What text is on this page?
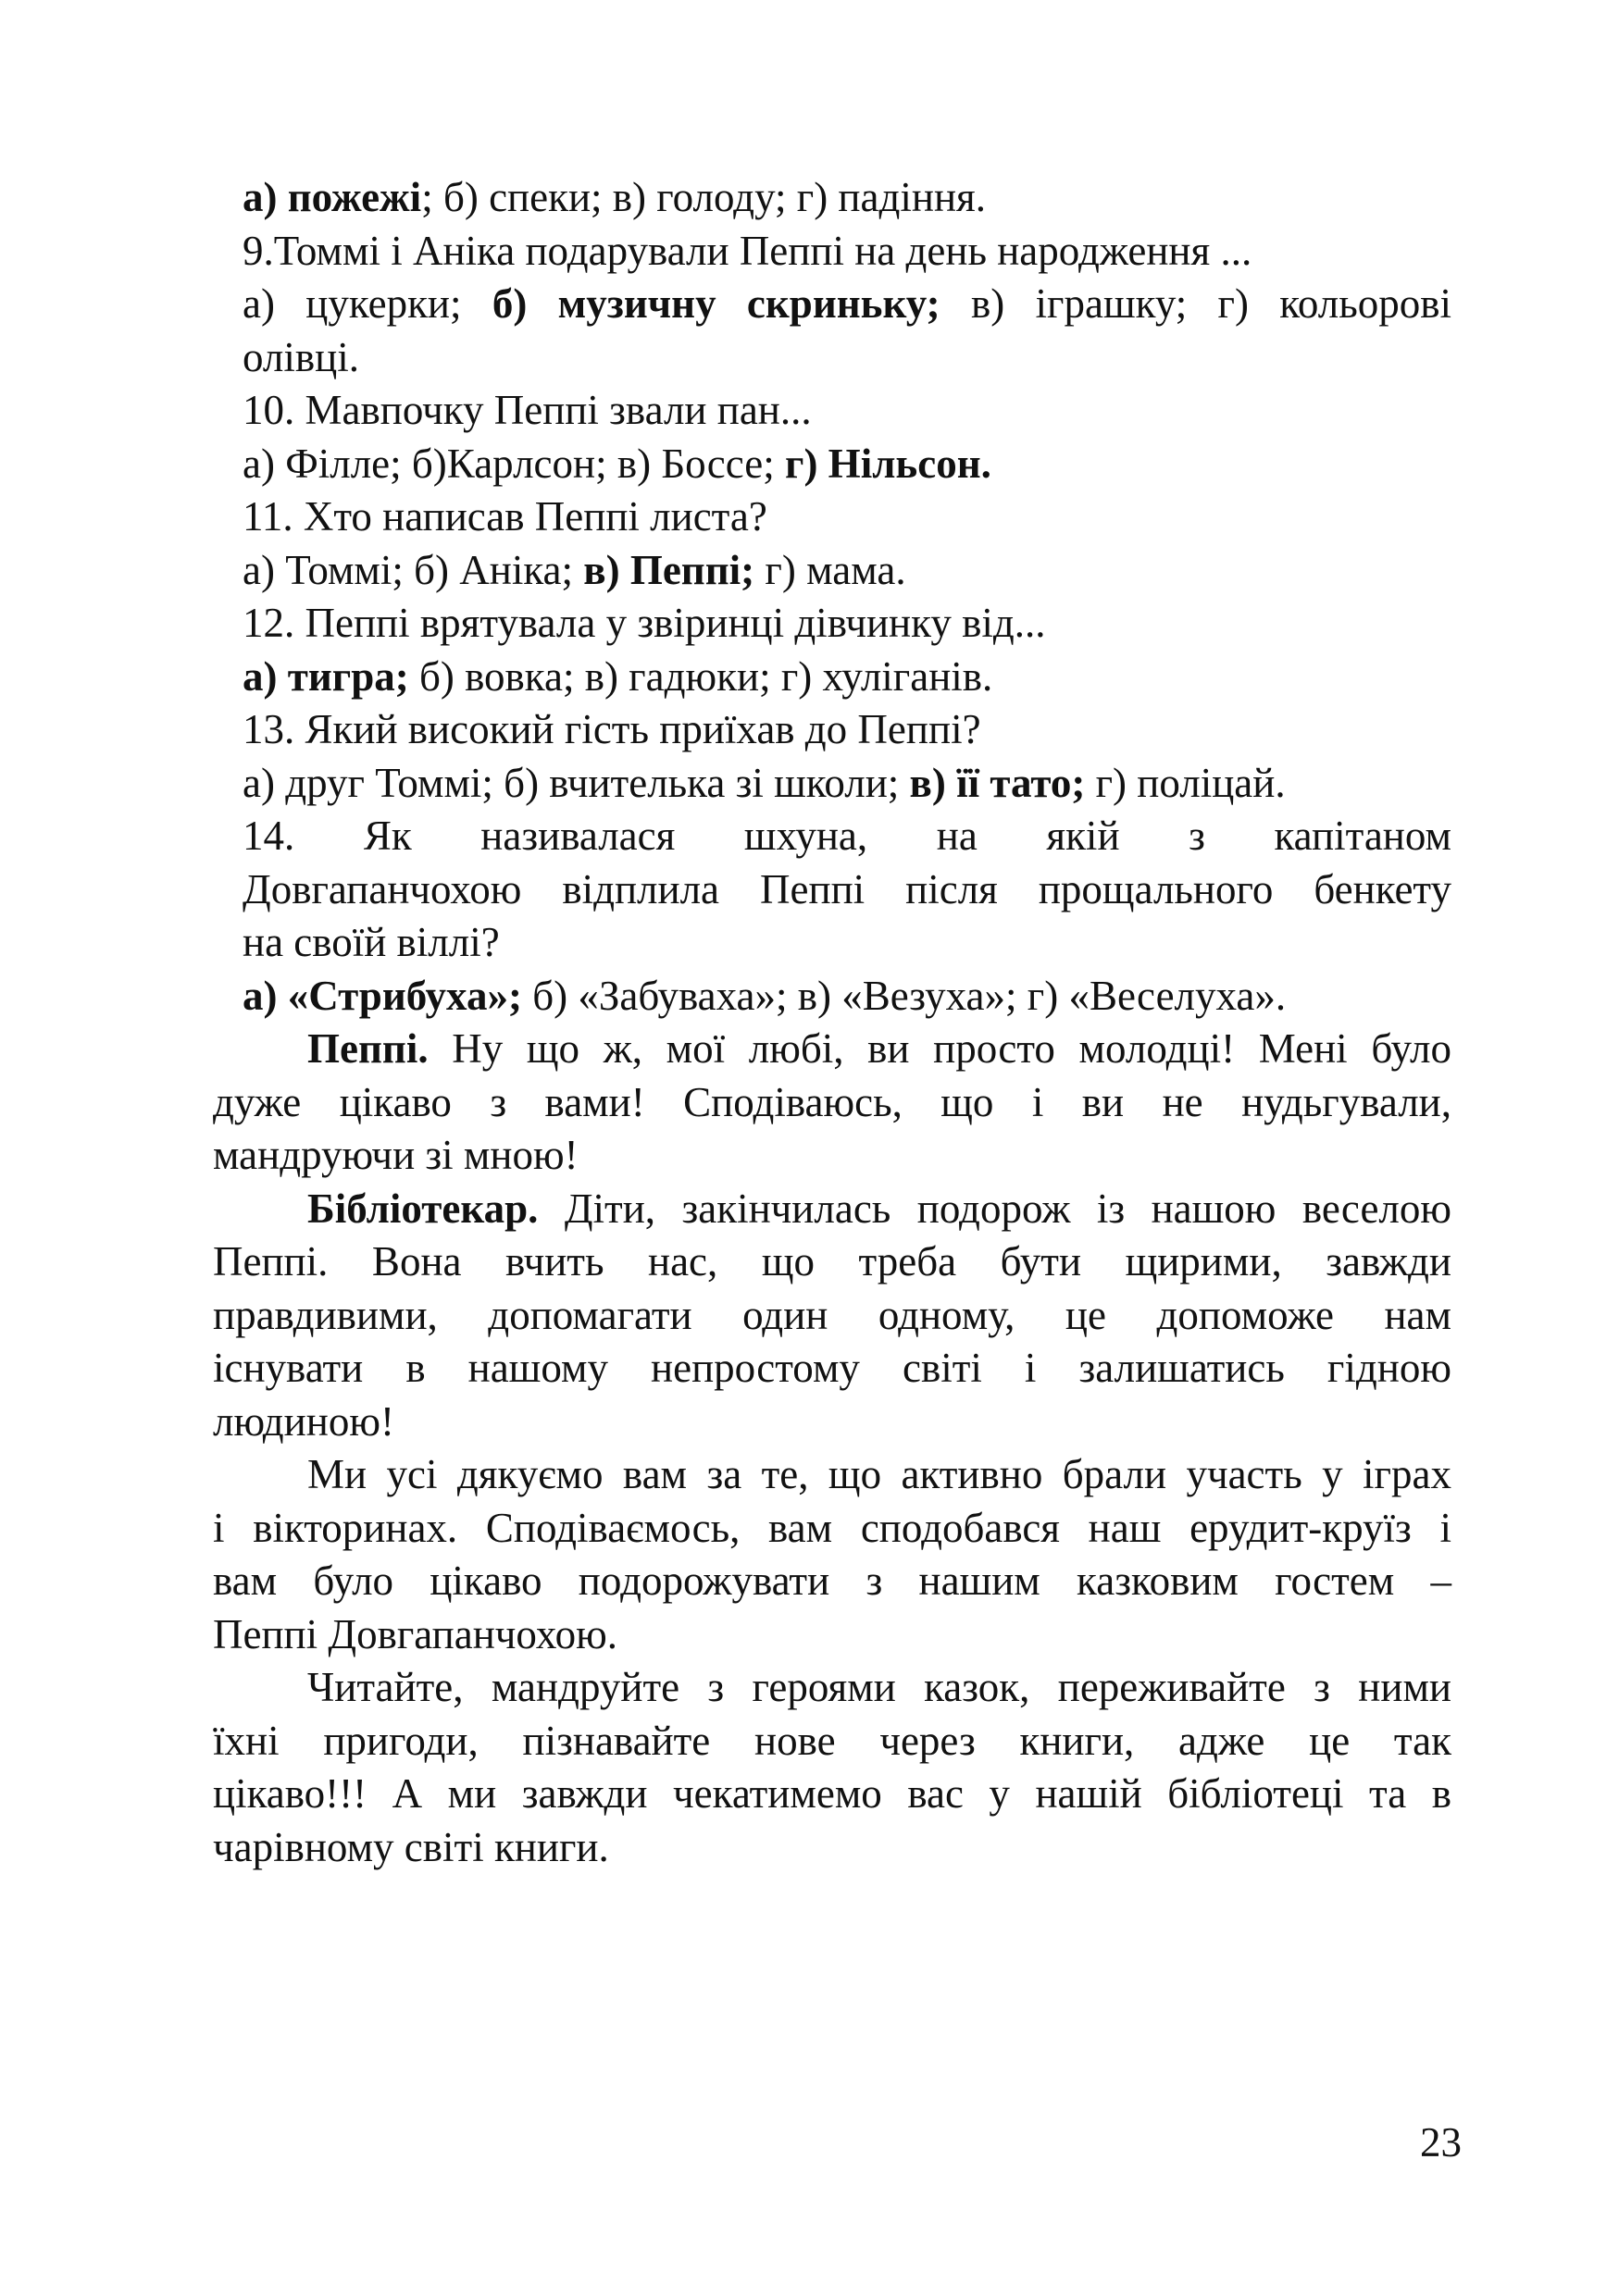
а) пожежі; б) спеки; в) голоду; г) падіння.
9.Томмі і Аніка подарували Пеппі на день народження ...
а) цукерки; б) музичну скриньку; в) іграшку; г) кольорові
олівці.
10. Мавпочку Пеппі звали пан...
а) Філле; б)Карлсон; в) Боссе; г) Нільсон.
11. Хто написав Пеппі листа?
а) Томмі; б) Аніка; в) Пеппі; г) мама.
12. Пеппі врятувала у звіринці дівчинку від...
а) тигра; б) вовка; в) гадюки; г) хуліганів.
13. Який високий гість приїхав до Пеппі?
а) друг Томмі; б) вчителька зі школи; в) її тато; г) поліцай.
14. Як називалася шхуна, на якій з капітаном
Довгапанчохою відплила Пеппі після прощального бенкету
на своїй віллі?
а) «Стрибуха»; б) «Забуваха»; в) «Везуха»; г) «Веселуха».
Пеппі. Ну що ж, мої любі, ви просто молодці! Мені було
дуже цікаво з вами! Сподіваюсь, що і ви не нудьгували,
мандруючи зі мною!
Бібліотекар. Діти, закінчилась подорож із нашою веселою
Пеппі. Вона вчить нас, що треба бути щирими, завжди
правдивими, допомагати один одному, це допоможе нам
існувати в нашому непростому світі і залишатись гідною
людиною!
Ми усі дякуємо вам за те, що активно брали участь у іграх
і вікторинах. Сподіваємось, вам сподобався наш ерудит-круїз і
вам було цікаво подорожувати з нашим казковим гостем –
Пеппі Довгапанчохою.
Читайте, мандруйте з героями казок, переживайте з ними
їхні пригоди, пізнавайте нове через книги, адже це так
цікаво!!! А ми завжди чекатимемо вас у нашій бібліотеці та в
чарівному світі книги.
23
